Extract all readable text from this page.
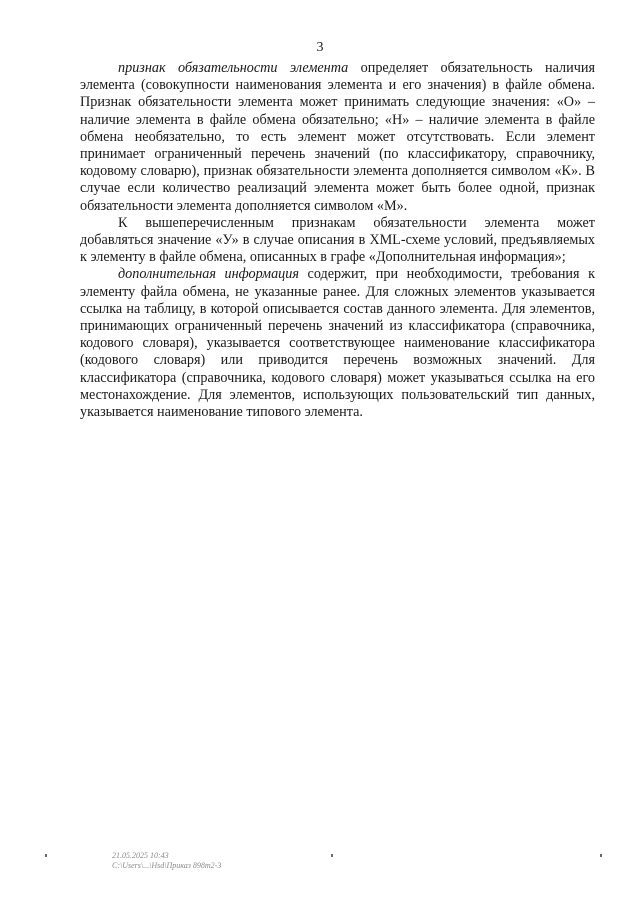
3

признак обязательности элемента определяет обязательность наличия элемента (совокупности наименования элемента и его значения) в файле обмена. Признак обязательности элемента может принимать следующие значения: «О» – наличие элемента в файле обмена обязательно; «Н» – наличие элемента в файле обмена необязательно, то есть элемент может отсутствовать. Если элемент принимает ограниченный перечень значений (по классификатору, справочнику, кодовому словарю), признак обязательности элемента дополняется символом «К». В случае если количество реализаций элемента может быть более одной, признак обязательности элемента дополняется символом «М».

К вышеперечисленным признакам обязательности элемента может добавляться значение «У» в случае описания в XML-схеме условий, предъявляемых к элементу в файле обмена, описанных в графе «Дополнительная информация»;

дополнительная информация содержит, при необходимости, требования к элементу файла обмена, не указанные ранее. Для сложных элементов указывается ссылка на таблицу, в которой описывается состав данного элемента. Для элементов, принимающих ограниченный перечень значений из классификатора (справочника, кодового словаря), указывается соответствующее наименование классификатора (кодового словаря) или приводится перечень возможных значений. Для классификатора (справочника, кодового словаря) может указываться ссылка на его местонахождение. Для элементов, использующих пользовательский тип данных, указывается наименование типового элемента.

21.05.2025 10:43
C:\Users\...\Hsd\Приказ 898т2-3
